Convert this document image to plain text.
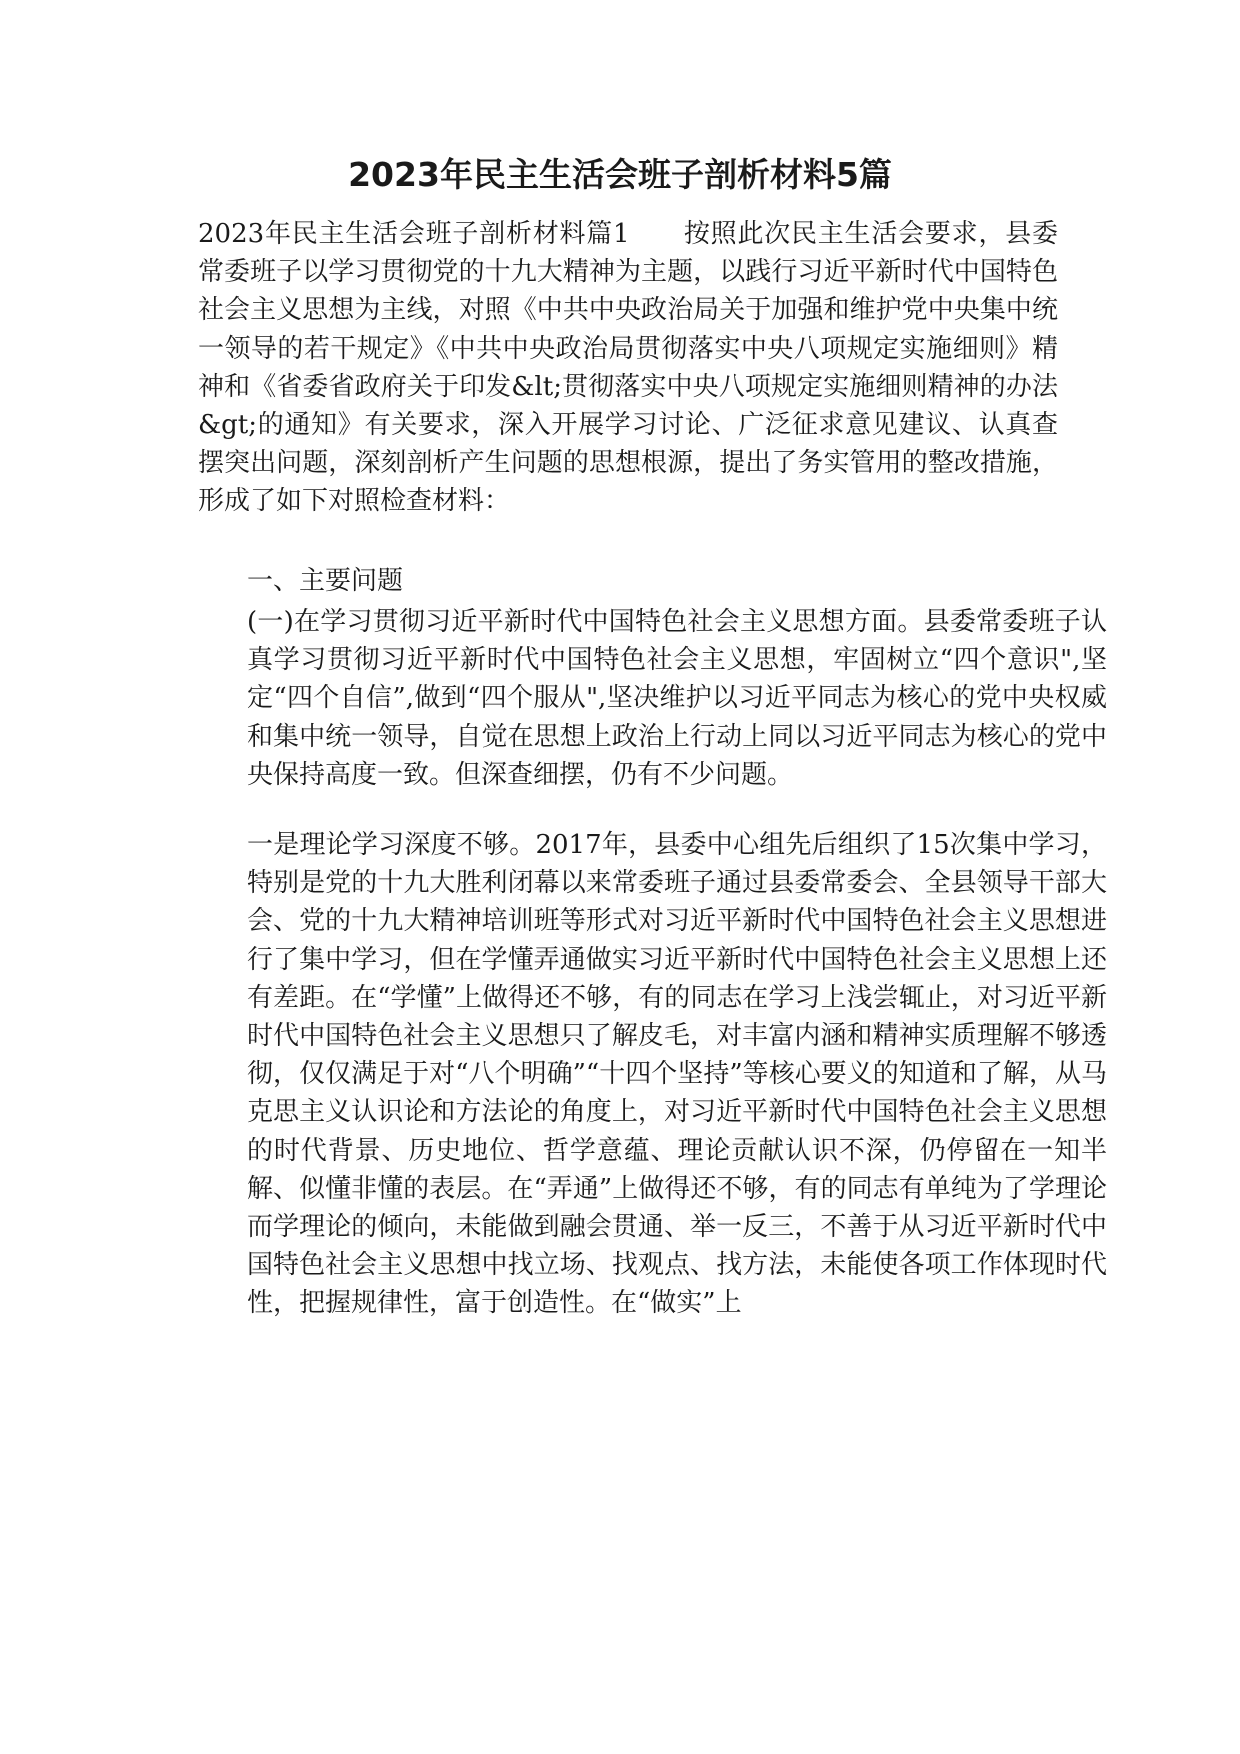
2023年民主生活会班子剖析材料5篇

2023年民主生活会班子剖析材料篇1　　按照此次民主生活会要求，县委常委班子以学习贯彻党的十九大精神为主题，以践行习近平新时代中国特色社会主义思想为主线，对照《中共中央政治局关于加强和维护党中央集中统一领导的若干规定》《中共中央政治局贯彻落实中央八项规定实施细则》精神和《省委省政府关于印发&lt;贯彻落实中央八项规定实施细则精神的办法&gt;的通知》有关要求，深入开展学习讨论、广泛征求意见建议、认真查摆突出问题，深刻剖析产生问题的思想根源，提出了务实管用的整改措施，形成了如下对照检查材料：

一、主要问题

(一)在学习贯彻习近平新时代中国特色社会主义思想方面。县委常委班子认真学习贯彻习近平新时代中国特色社会主义思想，牢固树立“四个意识",坚定“四个自信”,做到“四个服从",坚决维护以习近平同志为核心的党中央权威和集中统一领导，自觉在思想上政治上行动上同以习近平同志为核心的党中央保持高度一致。但深查细摆，仍有不少问题。

一是理论学习深度不够。2017年，县委中心组先后组织了15次集中学习，特别是党的十九大胜利闭幕以来常委班子通过县委常委会、全县领导干部大会、党的十九大精神培训班等形式对习近平新时代中国特色社会主义思想进行了集中学习，但在学懂弄通做实习近平新时代中国特色社会主义思想上还有差距。在“学懂”上做得还不够，有的同志在学习上浅尝辄止，对习近平新时代中国特色社会主义思想只了解皮毛，对丰富内涵和精神实质理解不够透彻，仅仅满足于对“八个明确”“十四个坚持”等核心要义的知道和了解，从马克思主义认识论和方法论的角度上，对习近平新时代中国特色社会主义思想的时代背景、历史地位、哲学意蕴、理论贡献认识不深，仍停留在一知半解、似懂非懂的表层。在“弄通”上做得还不够，有的同志有单纯为了学理论而学理论的倾向，未能做到融会贯通、举一反三，不善于从习近平新时代中国特色社会主义思想中找立场、找观点、找方法，未能使各项工作体现时代性，把握规律性，富于创造性。在“做实”上
